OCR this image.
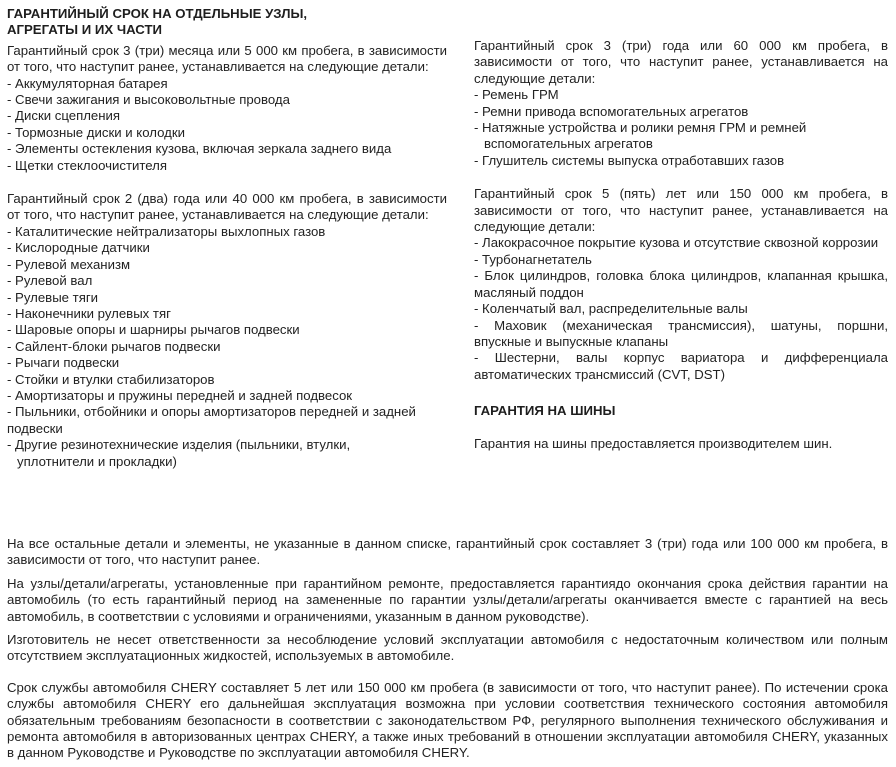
ГАРАНТИЙНЫЙ СРОК НА ОТДЕЛЬНЫЕ УЗЛЫ,
АГРЕГАТЫ И ИХ ЧАСТИ

Гарантийный срок 3 (три) месяца или 5 000 км пробега, в зависимости от того, что наступит ранее, устанавливается на следующие детали:

- Аккумуляторная батарея
- Свечи зажигания и высоковольтные провода
- Диски сцепления
- Тормозные диски и колодки
- Элементы остекления кузова, включая зеркала заднего вида
- Щетки стеклоочистителя

Гарантийный срок 2 (два) года или 40 000 км пробега, в зависимости от того, что наступит ранее, устанавливается на следующие детали:

- Каталитические нейтрализаторы выхлопных газов
- Кислородные датчики
- Рулевой механизм
- Рулевой вал
- Рулевые тяги
- Наконечники рулевых тяг
- Шаровые опоры и шарниры рычагов подвески
- Сайлент-блоки рычагов подвески
- Рычаги подвески
- Стойки и втулки стабилизаторов
- Амортизаторы и пружины передней и задней подвесок
- Пыльники, отбойники и опоры амортизаторов передней и задней подвески
- Другие резинотехнические изделия (пыльники, втулки, уплотнители и прокладки)

Гарантийный срок 3 (три) года или 60 000 км пробега, в зависимости от того, что наступит ранее, устанавливается на следующие детали:

- Ремень ГРМ
- Ремни привода вспомогательных агрегатов
- Натяжные устройства и ролики ремня ГРМ и ремней вспомогательных агрегатов
- Глушитель системы выпуска отработавших газов

Гарантийный срок 5 (пять) лет или 150 000 км пробега, в зависимости от того, что наступит ранее, устанавливается на следующие детали:

- Лакокрасочное покрытие кузова и отсутствие сквозной коррозии
- Турбонагнетатель
- Блок цилиндров, головка блока цилиндров, клапанная крышка, масляный поддон
- Коленчатый вал, распределительные валы
- Маховик (механическая трансмиссия), шатуны, поршни, впускные и выпускные клапаны
- Шестерни, валы корпус вариатора и дифференциала автоматических трансмиссий (CVT, DST)
ГАРАНТИЯ НА ШИНЫ

Гарантия на шины предоставляется производителем шин.

На все остальные детали и элементы, не указанные в данном списке, гарантийный срок составляет 3 (три) года или 100 000 км пробега, в зависимости от того, что наступит ранее.

На узлы/детали/агрегаты, установленные при гарантийном ремонте, предоставляется гарантиядо окончания срока действия гарантии на автомобиль (то есть гарантийный период на замененные по гарантии узлы/детали/агрегаты оканчивается вместе с гарантией на весь автомобиль, в соответствии с условиями и ограничениями, указанным в данном руководстве).

Изготовитель не несет ответственности за несоблюдение условий эксплуатации автомобиля с недостаточным количеством или полным отсутствием эксплуатационных жидкостей, используемых в автомобиле.

Срок службы автомобиля CHERY составляет 5 лет или 150 000 км пробега (в зависимости от того, что наступит ранее). По истечении срока службы автомобиля CHERY его дальнейшая эксплуатация возможна при условии соответствия технического состояния автомобиля обязательным требованиям безопасности в соответствии с законодательством РФ, регулярного выполнения технического обслуживания и ремонта автомобиля в авторизованных центрах CHERY, а также иных требований в отношении эксплуатации автомобиля CHERY, указанных в данном Руководстве и Руководстве по эксплуатации автомобиля CHERY.
